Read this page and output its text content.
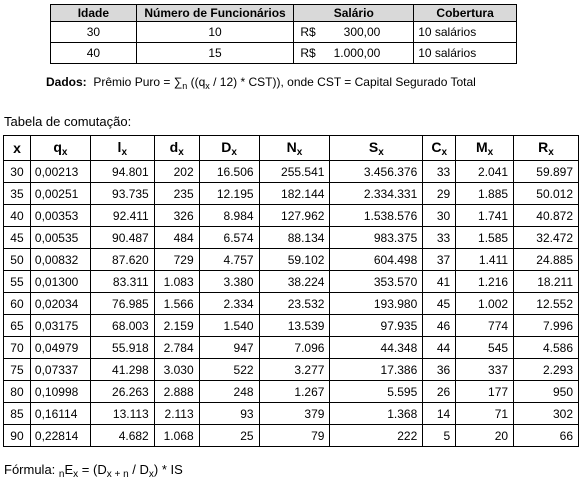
Idade	Número de Funcionários	Salário	Cobertura
30	10	R$ 300,00	10 salários
40	15	R$ 1.000,00	10 salários
Dados: Prêmio Puro = $\sum_n$ $((q_x / 12) * CST)$), onde CST = Capital Segurado Total
Tabela de comutação:
x	$q_x$	$l_x$	$d_x$	$D_x$	$N_x$	$S_x$	$C_x$	$M_x$	$R_x$
30	0,00213	94.801	202	16.506	255.541	3.456.376	33	2.041	59.897
35	0,00251	93.735	235	12.195	182.144	2.334.331	29	1.885	50.012
40	0,00353	92.411	326	8.984	127.962	1.538.576	30	1.741	40.872
45	0,00535	90.487	484	6.574	88.134	983.375	33	1.585	32.472
50	0,00832	87.620	729	4.757	59.102	604.498	37	1.411	24.885
55	0,01300	83.311	1.083	3.380	38.224	353.570	41	1.216	18.211
60	0,02034	76.985	1.566	2.334	23.532	193.980	45	1.002	12.552
65	0,03175	68.003	2.159	1.540	13.539	97.935	46	774	7.996
70	0,04979	55.918	2.784	947	7.096	44.348	44	545	4.586
75	0,07337	41.298	3.030	522	3.277	17.386	36	337	2.293
80	0,10998	26.263	2.888	248	1.267	5.595	26	177	950
85	0,16114	13.113	2.113	93	379	1.368	14	71	302
90	0,22814	4.682	1.068	25	79	222	5	20	66
Fórmula: $_nE_x = (D_{x + n} / D_x)$ * IS
